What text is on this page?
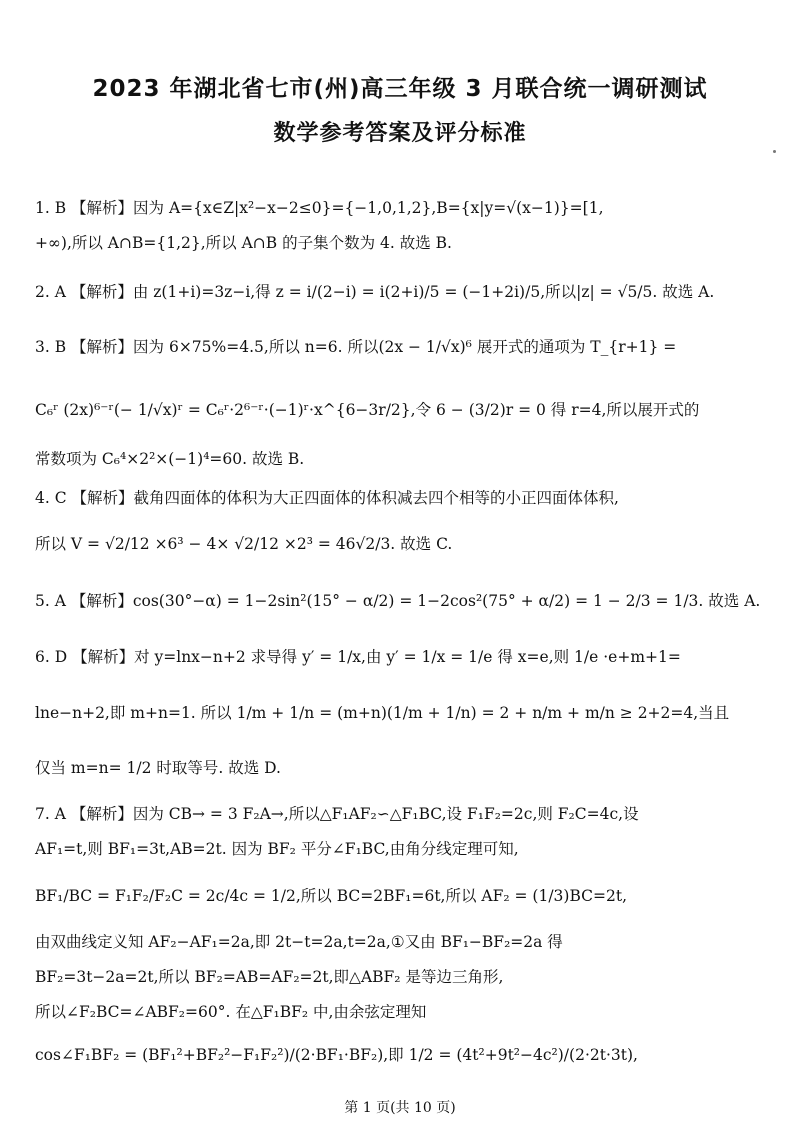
2023 年湖北省七市(州)高三年级 3 月联合统一调研测试
数学参考答案及评分标准
1. B 【解析】因为 A={x∈Z|x²−x−2≤0}={−1,0,1,2},B={x|y=√(x−1)}=[1,
+∞),所以 A∩B={1,2},所以 A∩B 的子集个数为 4. 故选 B.
2. A 【解析】由 z(1+i)=3z−i,得 z = i/(2−i) = i(2+i)/5 = (−1+2i)/5,所以|z| = √5/5. 故选 A.
3. B 【解析】因为 6×75%=4.5,所以 n=6. 所以(2x − 1/√x)⁶ 展开式的通项为 T_{r+1} =
C₆ʳ (2x)⁶⁻ʳ(− 1/√x)ʳ = C₆ʳ·2⁶⁻ʳ·(−1)ʳ·x^{6−3r/2},令 6 − (3/2)r = 0 得 r=4,所以展开式的
常数项为 C₆⁴×2²×(−1)⁴=60. 故选 B.
4. C 【解析】截角四面体的体积为大正四面体的体积减去四个相等的小正四面体体积,
所以 V = √2/12 ×6³ − 4× √2/12 ×2³ = 46√2/3. 故选 C.
5. A 【解析】cos(30°−α) = 1−2sin²(15° − α/2) = 1−2cos²(75° + α/2) = 1 − 2/3 = 1/3. 故选 A.
6. D 【解析】对 y=lnx−n+2 求导得 y′ = 1/x,由 y′ = 1/x = 1/e 得 x=e,则 1/e ·e+m+1=
lne−n+2,即 m+n=1. 所以 1/m + 1/n = (m+n)(1/m + 1/n) = 2 + n/m + m/n ≥ 2+2=4,当且
仅当 m=n= 1/2 时取等号. 故选 D.
7. A 【解析】因为 CB→ = 3 F₂A→,所以△F₁AF₂∽△F₁BC,设 F₁F₂=2c,则 F₂C=4c,设
AF₁=t,则 BF₁=3t,AB=2t. 因为 BF₂ 平分∠F₁BC,由角分线定理可知,
BF₁/BC = F₁F₂/F₂C = 2c/4c = 1/2,所以 BC=2BF₁=6t,所以 AF₂ = (1/3)BC=2t,
由双曲线定义知 AF₂−AF₁=2a,即 2t−t=2a,t=2a,①又由 BF₁−BF₂=2a 得
BF₂=3t−2a=2t,所以 BF₂=AB=AF₂=2t,即△ABF₂ 是等边三角形,
所以∠F₂BC=∠ABF₂=60°. 在△F₁BF₂ 中,由余弦定理知
cos∠F₁BF₂ = (BF₁²+BF₂²−F₁F₂²)/(2·BF₁·BF₂),即 1/2 = (4t²+9t²−4c²)/(2·2t·3t),
第 1 页(共 10 页)
